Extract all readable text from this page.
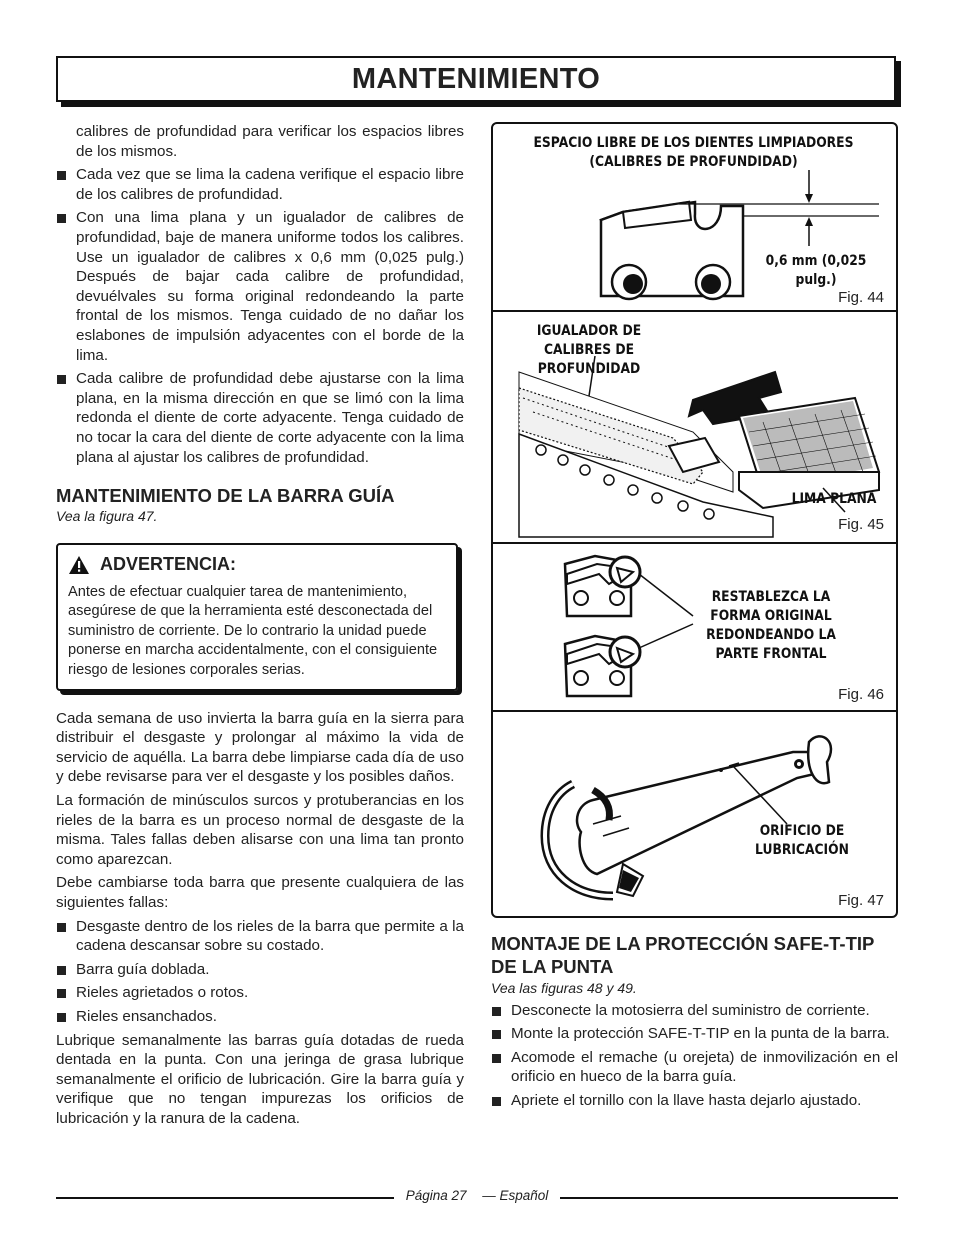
MANTENIMIENTO

calibres de profundidad para verificar los espacios libres de los mismos.

Cada vez que se lima la cadena verifique el espacio libre de los calibres de profundidad.

Con una lima plana y un igualador de calibres de profundidad, baje de manera uniforme todos los calibres. Use un igualador de calibres x 0,6 mm (0,025 pulg.) Después de bajar cada calibre de profundidad, devuélvales su forma original redondeando la parte frontal de los mismos. Tenga cuidado de no dañar los eslabones de impulsión adyacentes con el borde de la lima.

Cada calibre de profundidad debe ajustarse con la lima plana, en la misma dirección en que se limó con la lima redonda el diente de corte adyacente. Tenga cuidado de no tocar la cara del diente de corte adyacente con la lima plana al ajustar los calibres de profundidad.

MANTENIMIENTO DE LA BARRA GUÍA

Vea la figura 47.

ADVERTENCIA:

Antes de efectuar cualquier tarea de mantenimiento, asegúrese de que la herramienta esté desconectada del suministro de corriente. De lo contrario la unidad puede ponerse en marcha accidentalmente, con el consiguiente riesgo de lesiones corporales serias.

Cada semana de uso invierta la barra guía en la sierra para distribuir el desgaste y prolongar al máximo la vida de servicio de aquélla. La barra debe limpiarse cada día de uso y debe revisarse para ver el desgaste y los posibles daños.

La formación de minúsculos surcos y protuberancias en los rieles de la barra es un proceso normal de desgaste de la misma. Tales fallas deben alisarse con una lima tan pronto como aparezcan.

Debe cambiarse toda barra que presente cualquiera de las siguientes fallas:

Desgaste dentro de los rieles de la barra que permite a la cadena descansar sobre su costado.

Barra guía doblada.

Rieles agrietados o rotos.

Rieles ensanchados.

Lubrique semanalmente las barras guía dotadas de rueda dentada en la punta. Con una jeringa de grasa lubrique semanalmente el orificio de lubricación. Gire la barra guía y verifique que no tengan impurezas los orificios de lubricación y la ranura de la cadena.

ESPACIO LIBRE DE LOS DIENTES LIMPIADORES (CALIBRES DE PROFUNDIDAD)
0,6 mm (0,025 pulg.)
Fig. 44
IGUALADOR DE CALIBRES DE PROFUNDIDAD
LIMA PLANA
Fig. 45
RESTABLEZCA LA FORMA ORIGINAL REDONDEANDO LA PARTE FRONTAL
Fig. 46
ORIFICIO DE LUBRICACIÓN
Fig. 47
MONTAJE DE LA PROTECCIÓN SAFE-T-TIP DE LA PUNTA

Vea las figuras 48 y 49.

Desconecte la motosierra del suministro de corriente.

Monte la protección SAFE-T-TIP en la punta de la barra.

Acomode el remache (u orejeta) de inmovilización en el orificio en hueco de la barra guía.

Apriete el tornillo con la llave hasta dejarlo ajustado.

Página 27 — Español
